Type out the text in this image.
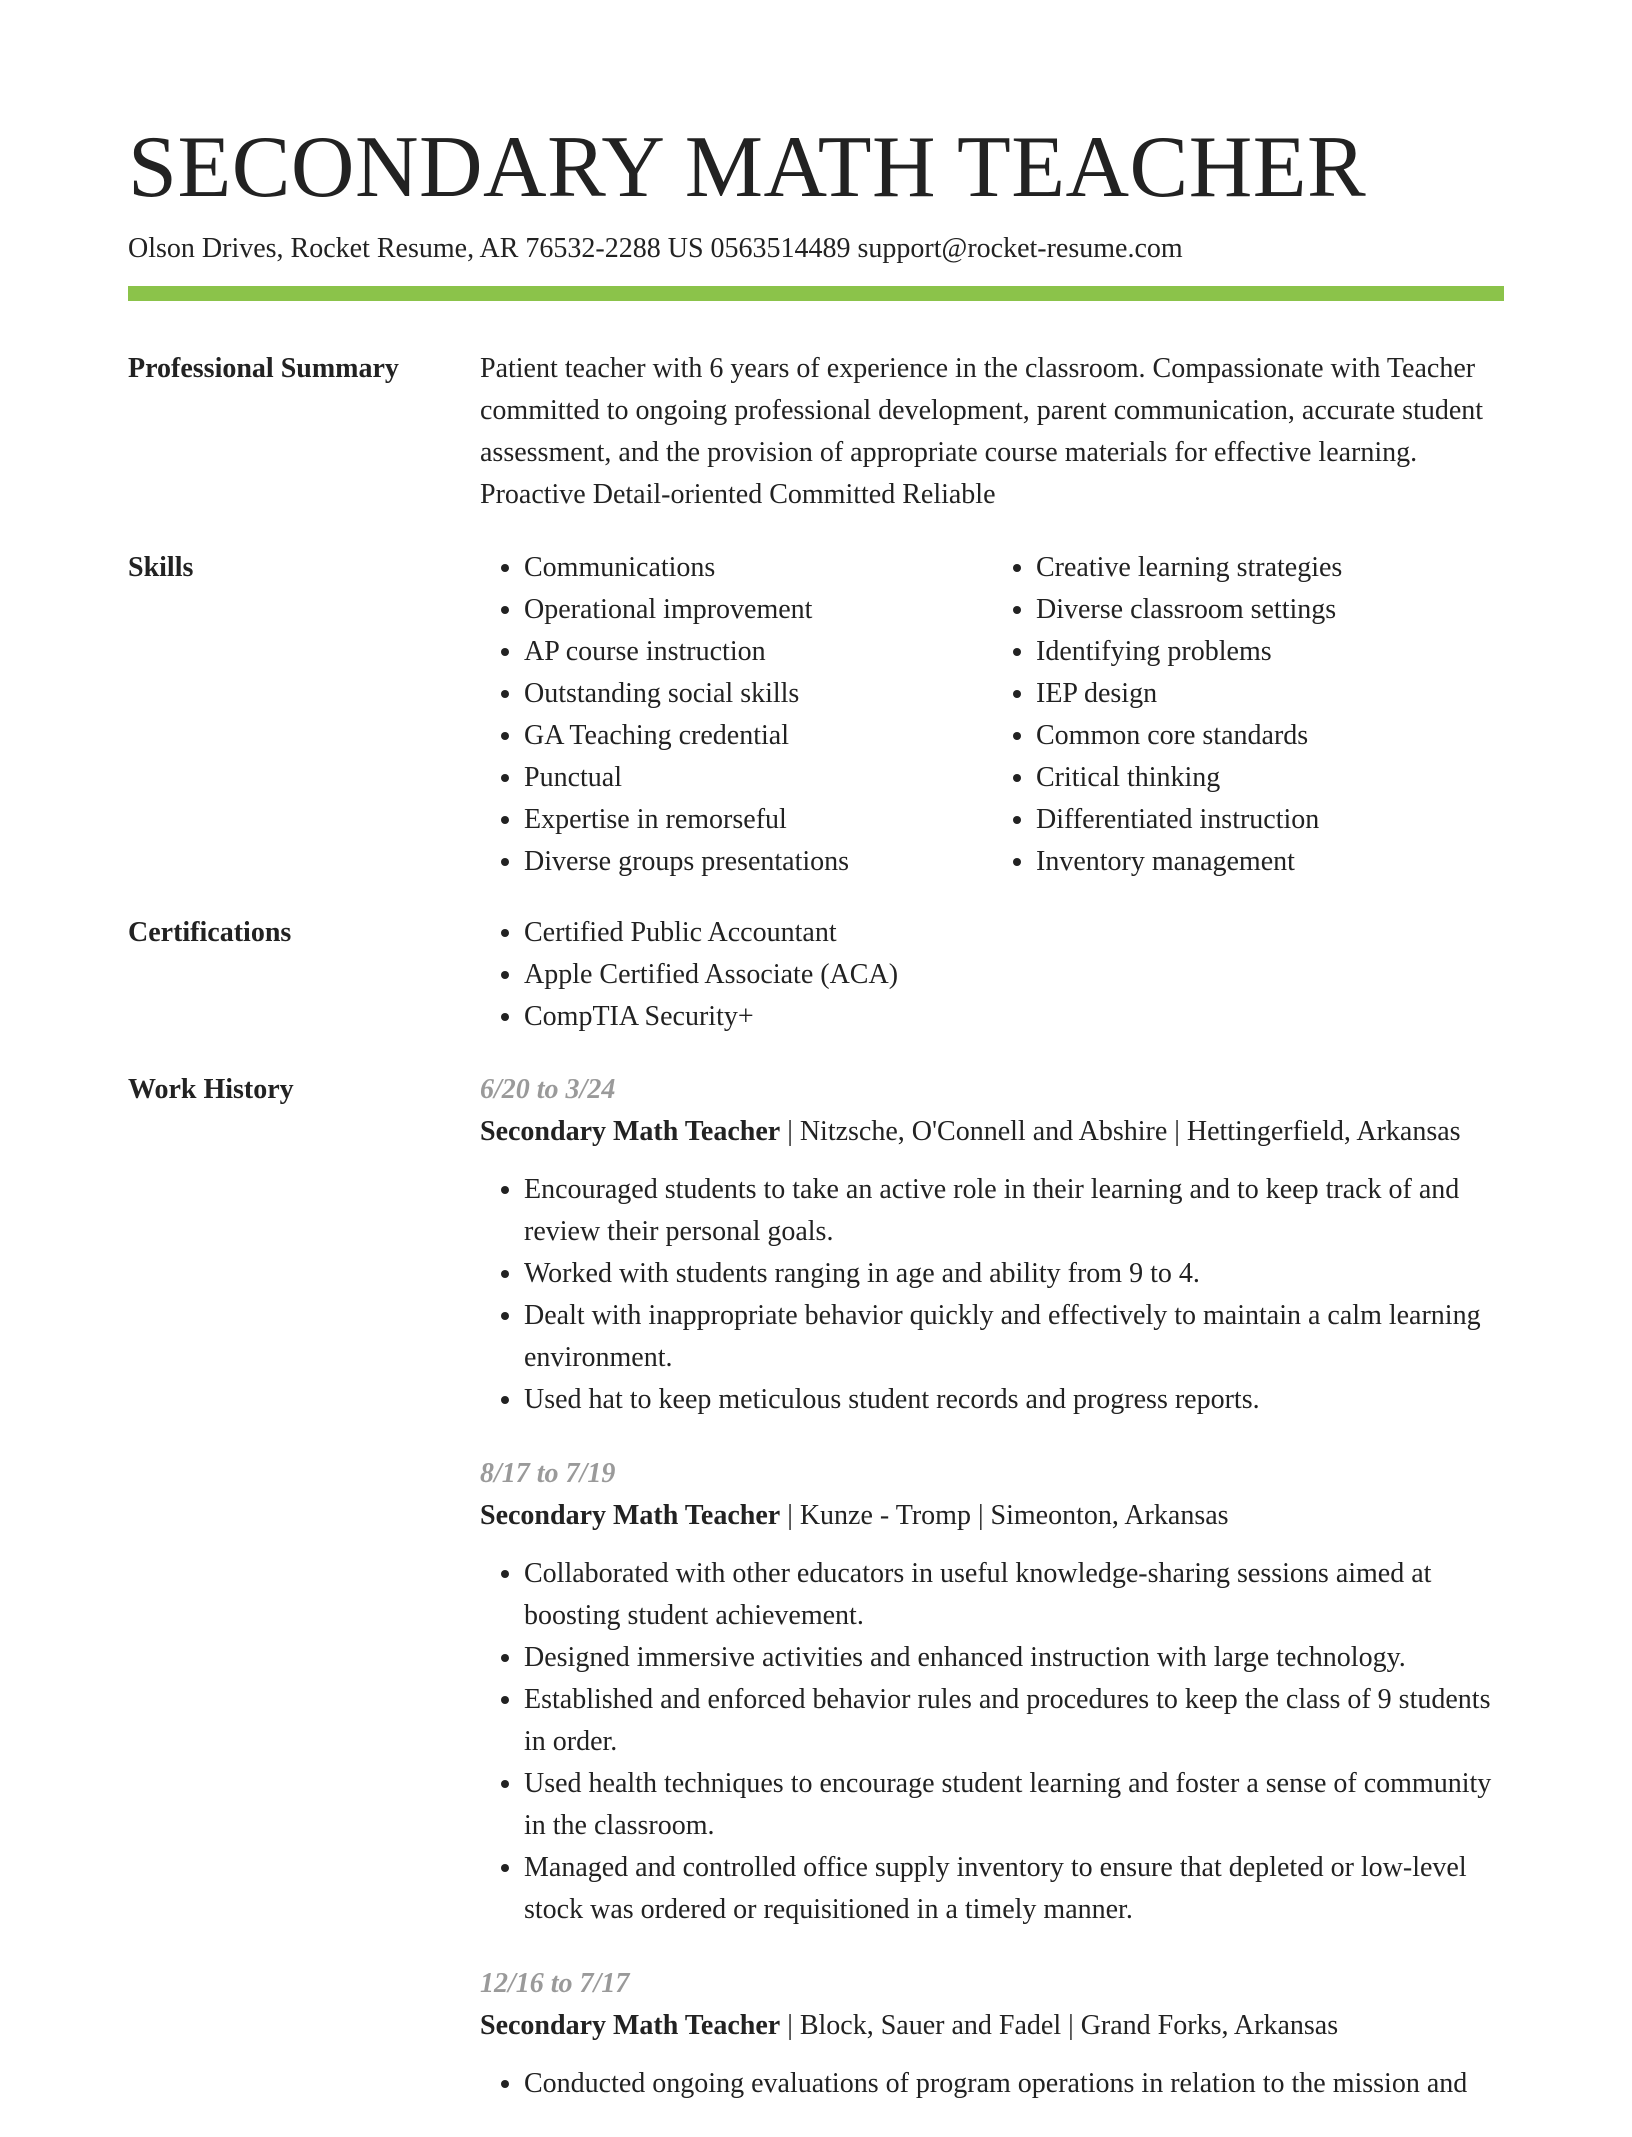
SECONDARY MATH TEACHER
Olson Drives, Rocket Resume, AR 76532-2288 US 0563514489 support@rocket-resume.com
Professional Summary	Patient teacher with 6 years of experience in the classroom. Compassionate with Teacher committed to ongoing professional development, parent communication, accurate student assessment, and the provision of appropriate course materials for effective learning. Proactive Detail-oriented Committed Reliable

Skills	• Communications
• Operational improvement
• AP course instruction
• Outstanding social skills
• GA Teaching credential
• Punctual
• Expertise in remorseful
• Diverse groups presentations
• Creative learning strategies
• Diverse classroom settings
• Identifying problems
• IEP design
• Common core standards
• Critical thinking
• Differentiated instruction
• Inventory management
Certifications	• Certified Public Accountant
• Apple Certified Associate (ACA)
• CompTIA Security+
Work History	6/20 to 3/24
Secondary Math Teacher | Nitzsche, O'Connell and Abshire | Hettingerfield, Arkansas
• Encouraged students to take an active role in their learning and to keep track of and review their personal goals.
• Worked with students ranging in age and ability from 9 to 4.
• Dealt with inappropriate behavior quickly and effectively to maintain a calm learning environment.
• Used hat to keep meticulous student records and progress reports.
8/17 to 7/19
Secondary Math Teacher | Kunze - Tromp | Simeonton, Arkansas
• Collaborated with other educators in useful knowledge-sharing sessions aimed at boosting student achievement.
• Designed immersive activities and enhanced instruction with large technology.
• Established and enforced behavior rules and procedures to keep the class of 9 students in order.
• Used health techniques to encourage student learning and foster a sense of community in the classroom.
• Managed and controlled office supply inventory to ensure that depleted or low-level stock was ordered or requisitioned in a timely manner.
12/16 to 7/17
Secondary Math Teacher | Block, Sauer and Fadel | Grand Forks, Arkansas
• Conducted ongoing evaluations of program operations in relation to the mission and
